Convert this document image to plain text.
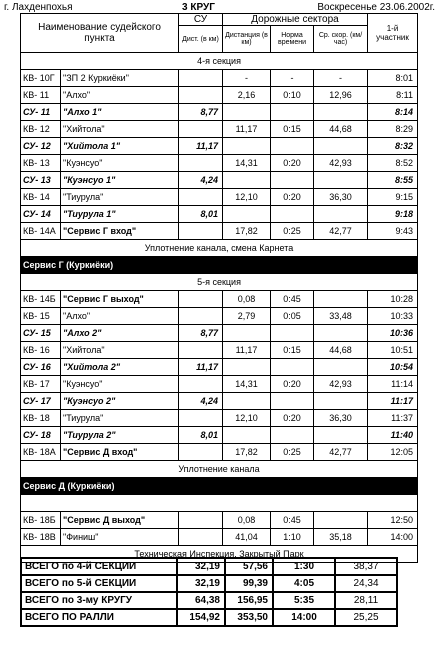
г. Лахденпохья	3 КРУГ	Воскресенье 23.06.2002г.
Наименование судейского пункта		СУ	Дорожные сектора			1-й участник
		Дист. (в км)	Дистанция (в км)	Норма времени	Ср. скор. (км/час)	
4-я секция						
КВ- 10Г	"ЗП 2 Куркиёки"		-	-	-	8:01
КВ- 11	"Алхо"		2,16	0:10	12,96	8:11
СУ- 11	"Алхо 1"	8,77				8:14
КВ- 12	"Хийтола"		11,17	0:15	44,68	8:29
СУ- 12	"Хийтола 1"	11,17				8:32
КВ- 13	"Куэнсуо"		14,31	0:20	42,93	8:52
СУ- 13	"Куэнсуо 1"	4,24				8:55
КВ- 14	"Тиурула"		12,10	0:20	36,30	9:15
СУ- 14	"Тиурула 1"	8,01				9:18
КВ- 14А	"Сервис Г вход"		17,82	0:25	42,77	9:43
Уплотнение канала, смена Карнета						
Сервис Г (Куркиёки)						
5-я секция						
КВ- 14Б	"Сервис Г выход"		0,08	0:45		10:28
КВ- 15	"Алхо"		2,79	0:05	33,48	10:33
СУ- 15	"Алхо 2"	8,77				10:36
КВ- 16	"Хийтола"		11,17	0:15	44,68	10:51
СУ- 16	"Хийтола 2"	11,17				10:54
КВ- 17	"Куэнсуо"		14,31	0:20	42,93	11:14
СУ- 17	"Куэнсуо 2"	4,24				11:17
КВ- 18	"Тиурула"		12,10	0:20	36,30	11:37
СУ- 18	"Тиурула 2"	8,01				11:40
КВ- 18А	"Сервис Д вход"		17,82	0:25	42,77	12:05
Уплотнение канала						
Сервис Д (Куркиёки)						

КВ- 18Б	"Сервис Д выход"		0,08	0:45		12:50
КВ- 18В	"Финиш"		41,04	1:10	35,18	14:00
Техническая Инспекция, Закрытый Парк						
ВСЕГО по 4-й СЕКЦИИ	32,19	57,56	1:30	38,37
ВСЕГО по 5-й СЕКЦИИ	32,19	99,39	4:05	24,34
ВСЕГО по 3-му КРУГУ	64,38	156,95	5:35	28,11
ВСЕГО ПО РАЛЛИ	154,92	353,50	14:00	25,25
